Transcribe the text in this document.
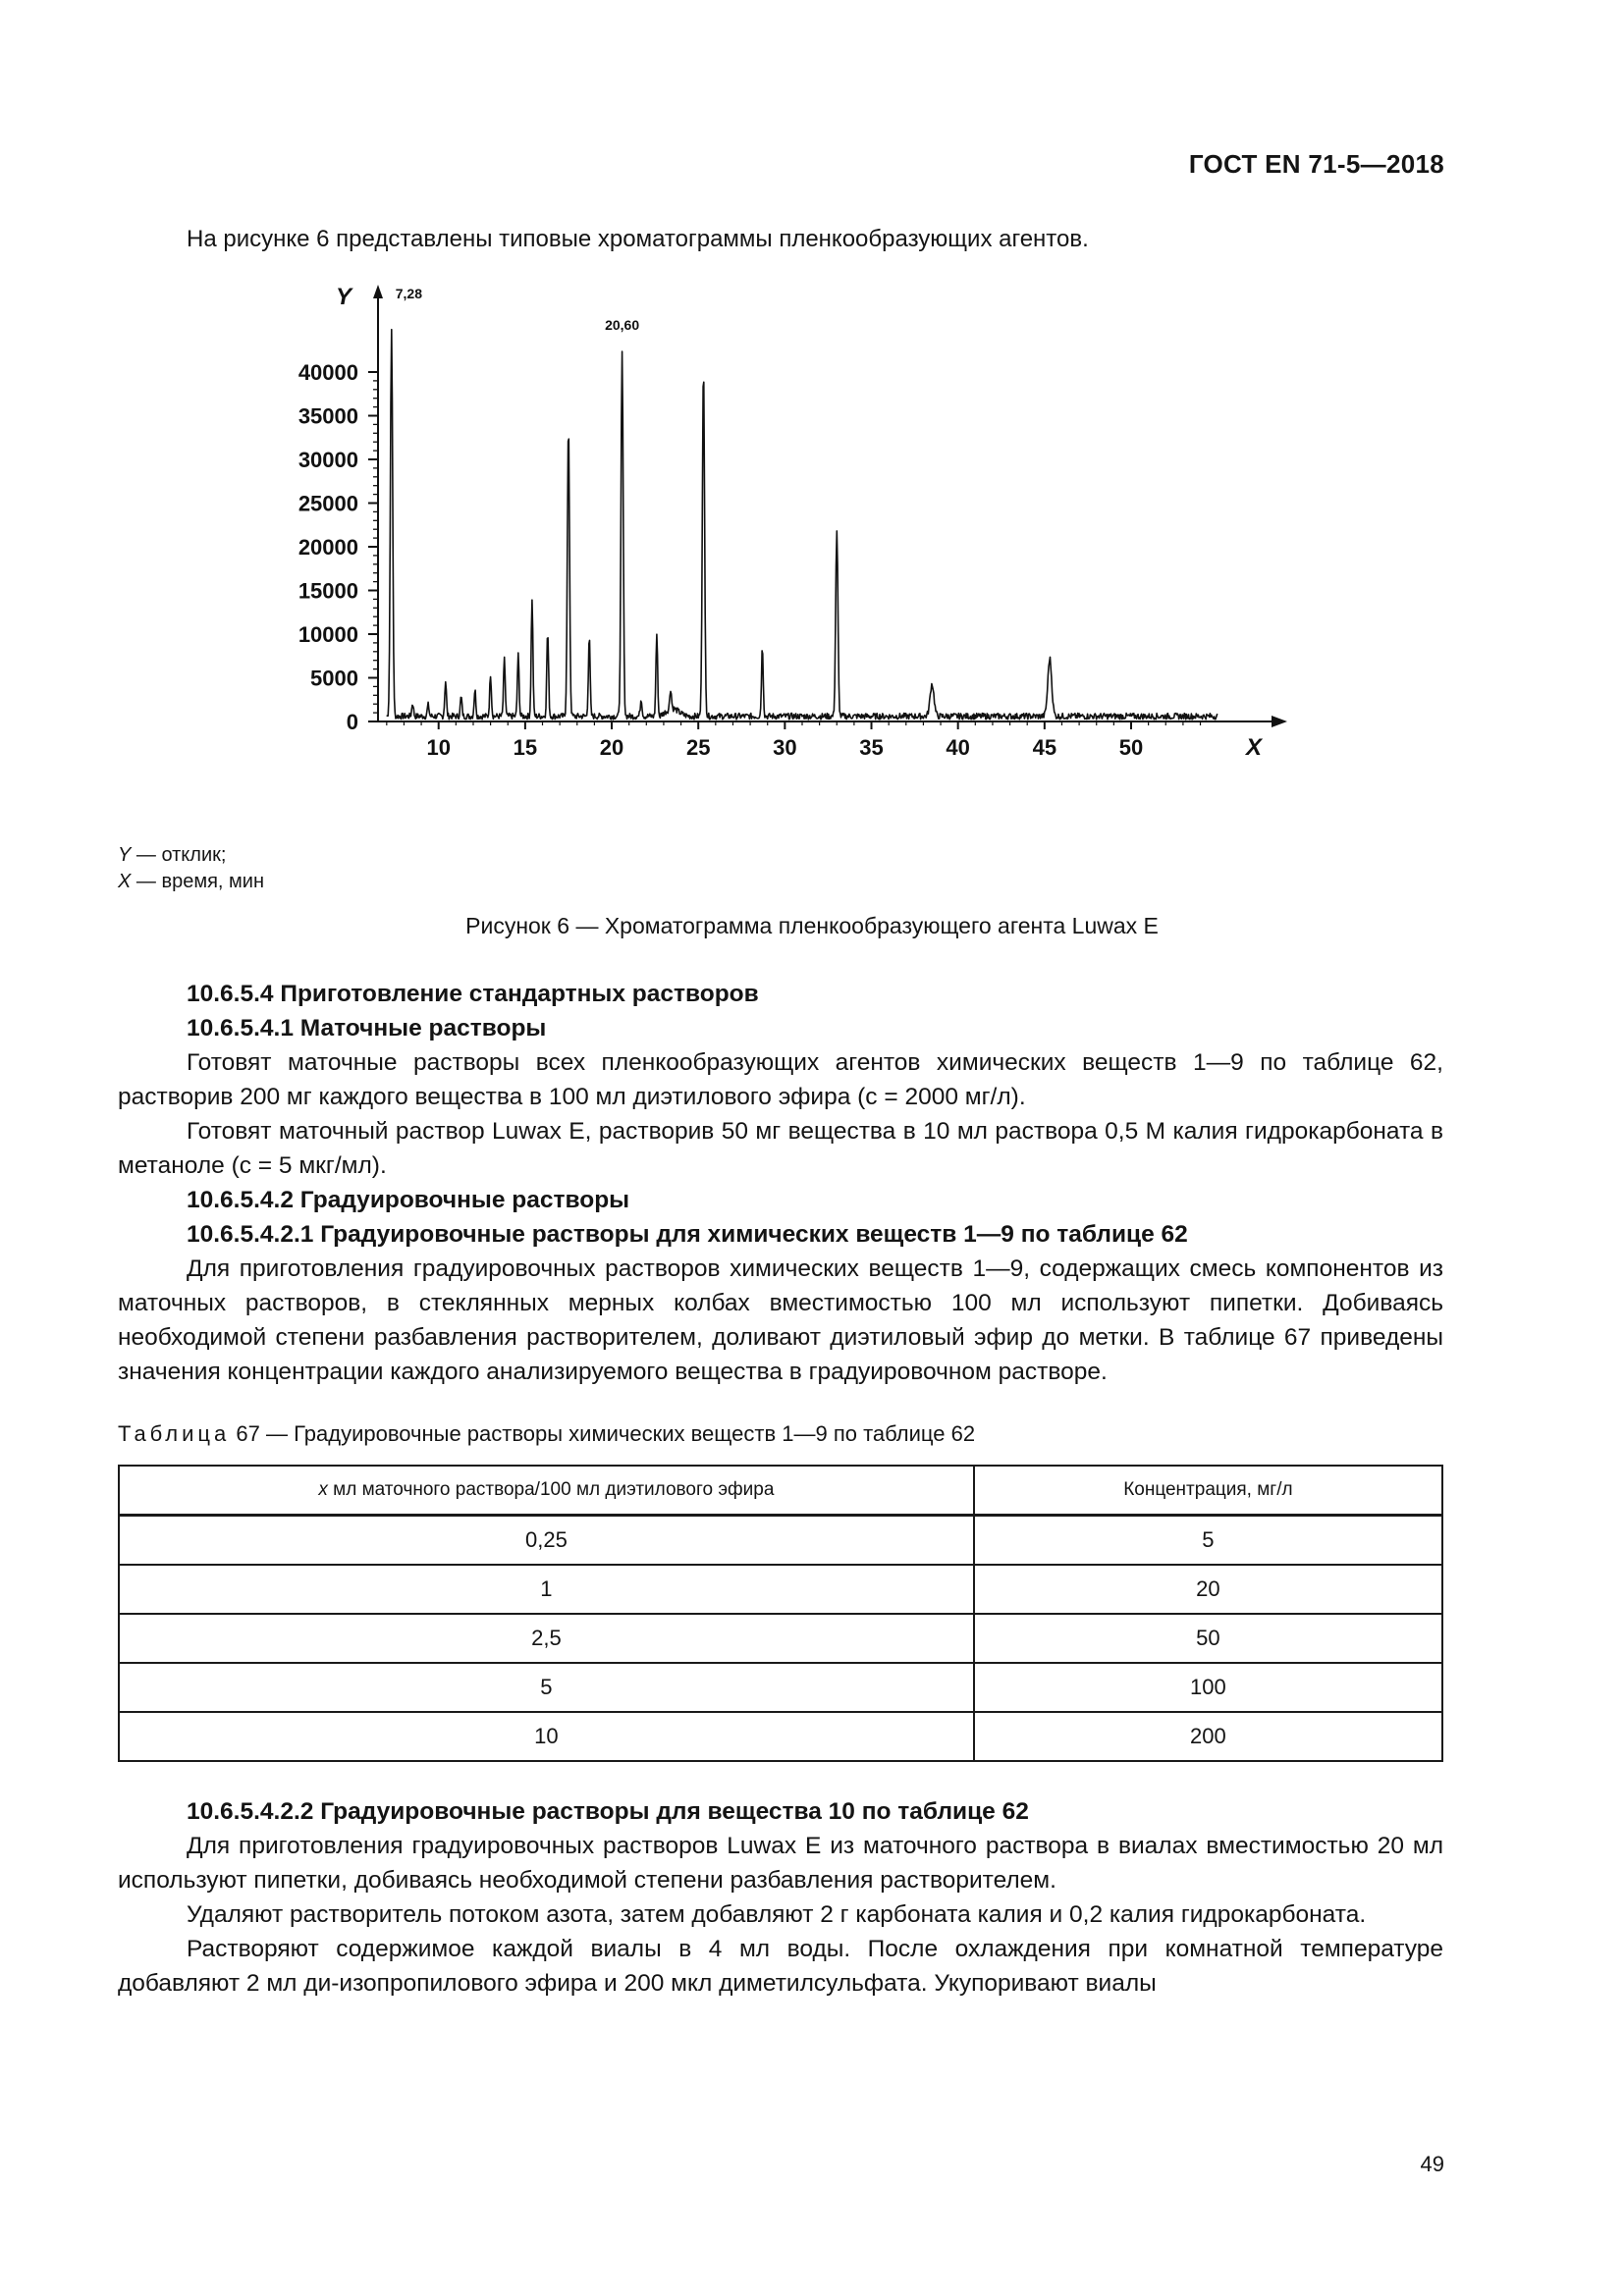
ГОСТ EN 71-5—2018
На рисунке 6 представлены типовые хроматограммы пленкообразующих агентов.
0
5000
10000
15000
20000
25000
30000
35000
40000
Y
10	15	20	25	30	35	40	45	50	X
7,28
20,60
Y — отклик;
X — время, мин
Рисунок 6 — Хроматограмма пленкообразующего агента Luwax E

10.6.5.4 Приготовление стандартных растворов

10.6.5.4.1 Маточные растворы

Готовят маточные растворы всех пленкообразующих агентов химических веществ 1—9 по таблице 62, растворив 200 мг каждого вещества в 100 мл диэтилового эфира (c = 2000 мг/л).

Готовят маточный раствор Luwax E, растворив 50 мг вещества в 10 мл раствора 0,5 М калия гидрокарбоната в метаноле (c = 5 мкг/мл).

10.6.5.4.2 Градуировочные растворы

10.6.5.4.2.1 Градуировочные растворы для химических веществ 1—9 по таблице 62

Для приготовления градуировочных растворов химических веществ 1—9, содержащих смесь компонентов из маточных растворов, в стеклянных мерных колбах вместимостью 100 мл используют пипетки. Добиваясь необходимой степени разбавления растворителем, доливают диэтиловый эфир до метки. В таблице 67 приведены значения концентрации каждого анализируемого вещества в градуировочном растворе.

Таблица 67 — Градуировочные растворы химических веществ 1—9 по таблице 62
x мл маточного раствора/100 мл диэтилового эфира	Концентрация, мг/л
0,25	5
1	20
2,5	50
5	100
10	200

10.6.5.4.2.2 Градуировочные растворы для вещества 10 по таблице 62

Для приготовления градуировочных растворов Luwax E из маточного раствора в виалах вместимостью 20 мл используют пипетки, добиваясь необходимой степени разбавления растворителем.

Удаляют растворитель потоком азота, затем добавляют 2 г карбоната калия и 0,2 калия гидрокарбоната.

Растворяют содержимое каждой виалы в 4 мл воды. После охлаждения при комнатной температуре добавляют 2 мл ди-изопропилового эфира и 200 мкл диметилсульфата. Укупоривают виалы

49
